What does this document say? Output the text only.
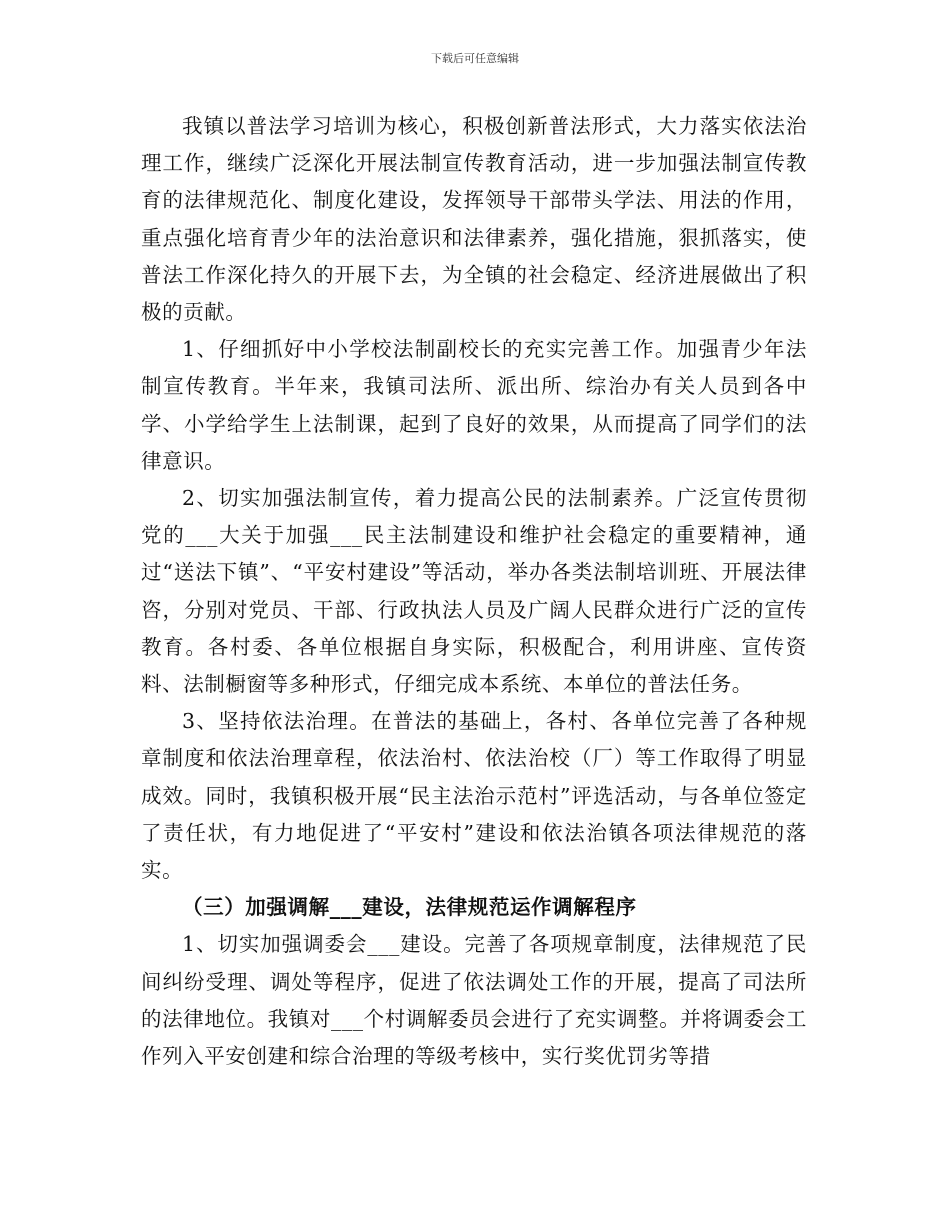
下载后可任意编辑

我镇以普法学习培训为核心，积极创新普法形式，大力落实依法治理工作，继续广泛深化开展法制宣传教育活动，进一步加强法制宣传教育的法律规范化、制度化建设，发挥领导干部带头学法、用法的作用，重点强化培育青少年的法治意识和法律素养，强化措施，狠抓落实，使普法工作深化持久的开展下去，为全镇的社会稳定、经济进展做出了积极的贡献。

1、仔细抓好中小学校法制副校长的充实完善工作。加强青少年法制宣传教育。半年来，我镇司法所、派出所、综治办有关人员到各中学、小学给学生上法制课，起到了良好的效果，从而提高了同学们的法律意识。

2、切实加强法制宣传，着力提高公民的法制素养。广泛宣传贯彻党的___大关于加强___民主法制建设和维护社会稳定的重要精神，通过“送法下镇”、“平安村建设”等活动，举办各类法制培训班、开展法律咨，分别对党员、干部、行政执法人员及广阔人民群众进行广泛的宣传教育。各村委、各单位根据自身实际，积极配合，利用讲座、宣传资料、法制橱窗等多种形式，仔细完成本系统、本单位的普法任务。

3、坚持依法治理。在普法的基础上，各村、各单位完善了各种规章制度和依法治理章程，依法治村、依法治校（厂）等工作取得了明显成效。同时，我镇积极开展“民主法治示范村”评选活动，与各单位签定了责任状，有力地促进了“平安村”建设和依法治镇各项法律规范的落实。

（三）加强调解___建设，法律规范运作调解程序

1、切实加强调委会___建设。完善了各项规章制度，法律规范了民间纠纷受理、调处等程序，促进了依法调处工作的开展，提高了司法所的法律地位。我镇对___个村调解委员会进行了充实调整。并将调委会工作列入平安创建和综合治理的等级考核中，实行奖优罚劣等措
